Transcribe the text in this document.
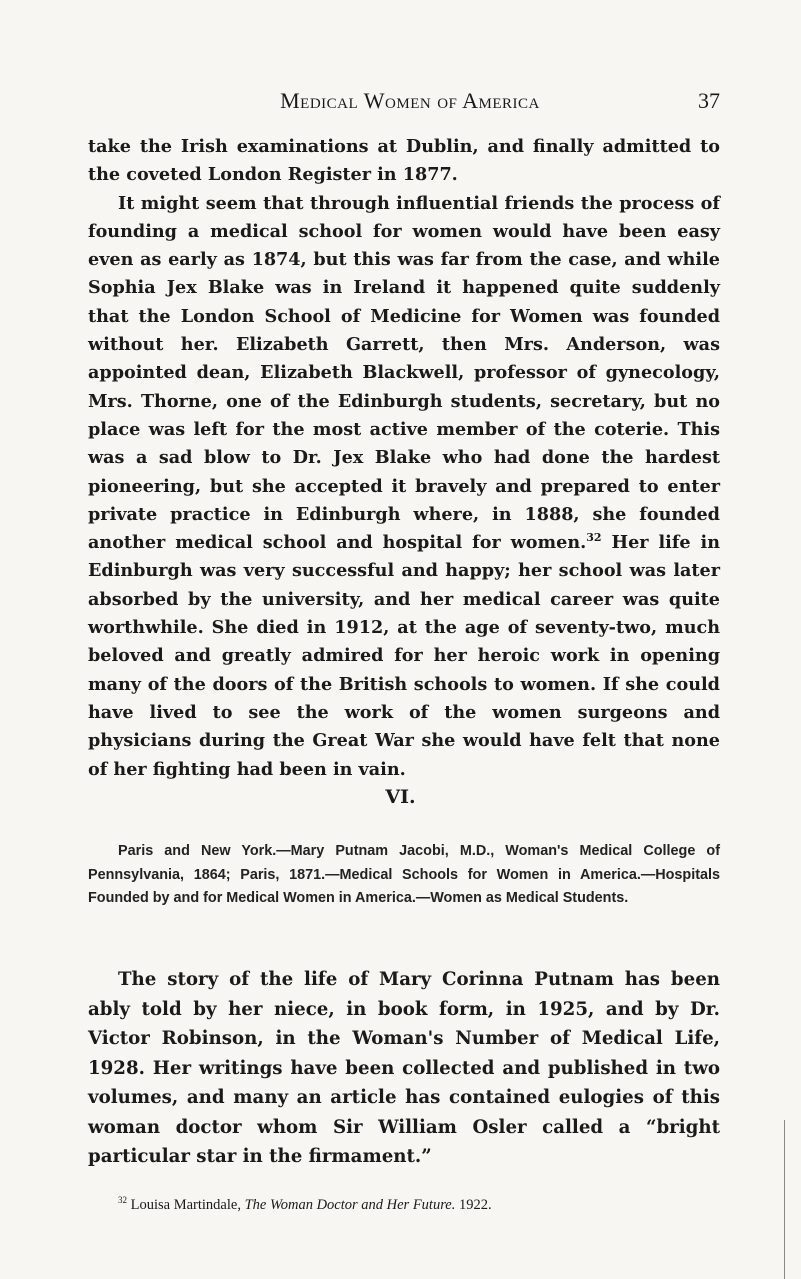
Medical Women of America	37

take the Irish examinations at Dublin, and finally admitted to the coveted London Register in 1877.

It might seem that through influential friends the process of founding a medical school for women would have been easy even as early as 1874, but this was far from the case, and while Sophia Jex Blake was in Ireland it happened quite suddenly that the London School of Medicine for Women was founded without her. Elizabeth Garrett, then Mrs. Anderson, was appointed dean, Elizabeth Blackwell, professor of gynecology, Mrs. Thorne, one of the Edinburgh students, secretary, but no place was left for the most active member of the coterie. This was a sad blow to Dr. Jex Blake who had done the hardest pioneering, but she accepted it bravely and prepared to enter private practice in Edinburgh where, in 1888, she founded another medical school and hospital for women.$^{32}$ Her life in Edinburgh was very successful and happy; her school was later absorbed by the university, and her medical career was quite worthwhile. She died in 1912, at the age of seventy-two, much beloved and greatly admired for her heroic work in opening many of the doors of the British schools to women. If she could have lived to see the work of the women surgeons and physicians during the Great War she would have felt that none of her fighting had been in vain.

VI.

Paris and New York.—Mary Putnam Jacobi, M.D., Woman's Medical College of Pennsylvania, 1864; Paris, 1871.—Medical Schools for Women in America.—Hospitals Founded by and for Medical Women in America.—Women as Medical Students.

The story of the life of Mary Corinna Putnam has been ably told by her niece, in book form, in 1925, and by Dr. Victor Robinson, in the Woman's Number of Medical Life, 1928. Her writings have been collected and published in two volumes, and many an article has contained eulogies of this woman doctor whom Sir William Osler called a “bright particular star in the firmament.”

$^{32}$ Louisa Martindale, The Woman Doctor and Her Future. 1922.
